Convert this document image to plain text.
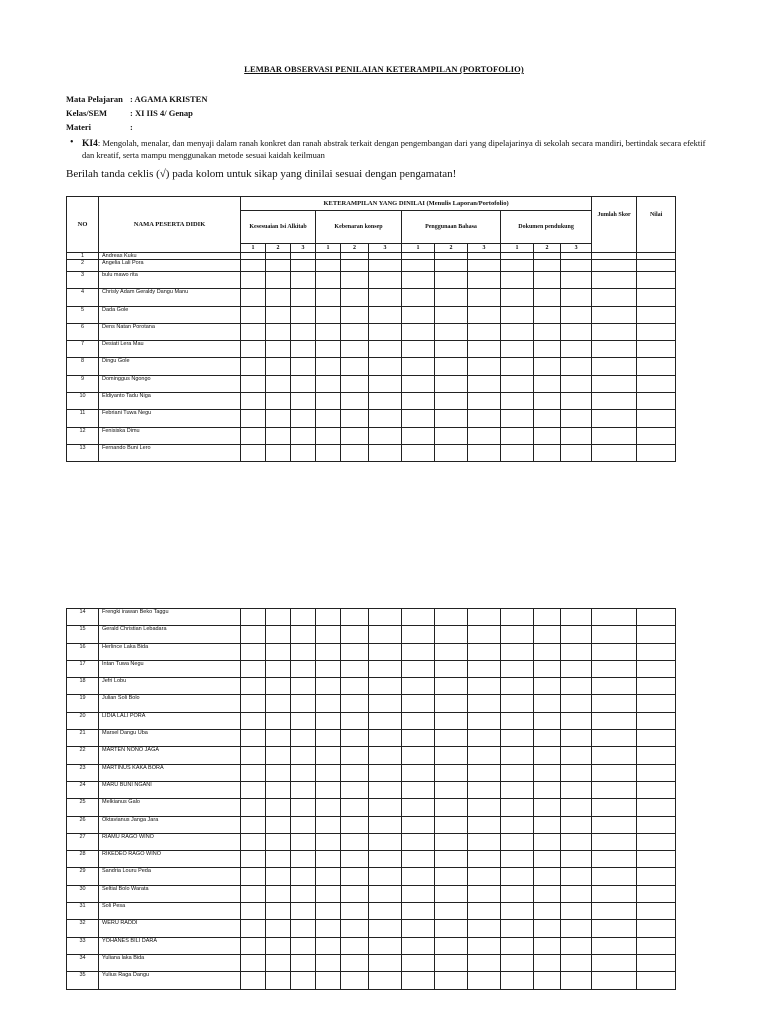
LEMBAR OBSERVASI PENILAIAN KETERAMPILAN (PORTOFOLIO)
Mata Pelajaran : AGAMA KRISTEN
Kelas/SEM	: XI IIS 4/ Genap
Materi	:
• KI4: Mengolah, menalar, dan menyaji dalam ranah konkret dan ranah abstrak terkait dengan pengembangan dari yang dipelajarinya di sekolah secara mandiri, bertindak secara efektif dan kreatif, serta mampu menggunakan metode sesuai kaidah keilmuan
Berilah tanda ceklis (√) pada kolom untuk sikap yang dinilai sesuai dengan pengamatan!
NO	NAMA PESERTA DIDIK	KETERAMPILAN YANG DINILAI (Menulis Laporan/Portofolio)													
		Kesesuaian Isi Alkitab			Kebenaran konsep			Penggunaan Bahasa			Dokumen pendukung			Jumlah Skor	Nilai
		1	2	3	1	2	3	1	2	3	1	2	3		
1	Andreas Kuku														
2	Angelia Lali Pora														
3	bulu mawo rita														
4	Chrisly Adam Geraldy Dangu Manu														
5	Dada Gole														
6	Dens Natan Porotana														
7	Desiati Lera Mau														
8	Dingu Gole														
9	Dominggus Ngongo														
10	Eldiyanto Tadu Niga														
11	Febriani Tuwa Negu														
12	Fenisiska Dimu														
13	Fernando Buni Lero														
14	Frengki irawan Beko Taggu														
15	Gerald Christian Lebadara														
16	Herlince Laka Bida														
17	Intan Tuwa Negu														
18	Jefri Lobu														
19	Julian Soli Bolo														
20	LIDIA LALI PORA														
21	Marsel Dangu Uba														
22	MARTEN NONO JAGA														
23	MARTINUS KAKA BORA														
24	MARU BUNI NGANI														
25	Melkianus Galo														
26	Oktavianus Janga Jara														
27	RIAMU RAGO WINO														
28	RIKEDEO RAGO WINO														
29	Sandria Louru Peda														
30	Seltial Bolo Warata														
31	Soli Pesa														
32	WERU RADDI														
33	YOHANES BILI DARA														
34	Yuliana laka Bida														
35	Yulius Raga Dangu														
